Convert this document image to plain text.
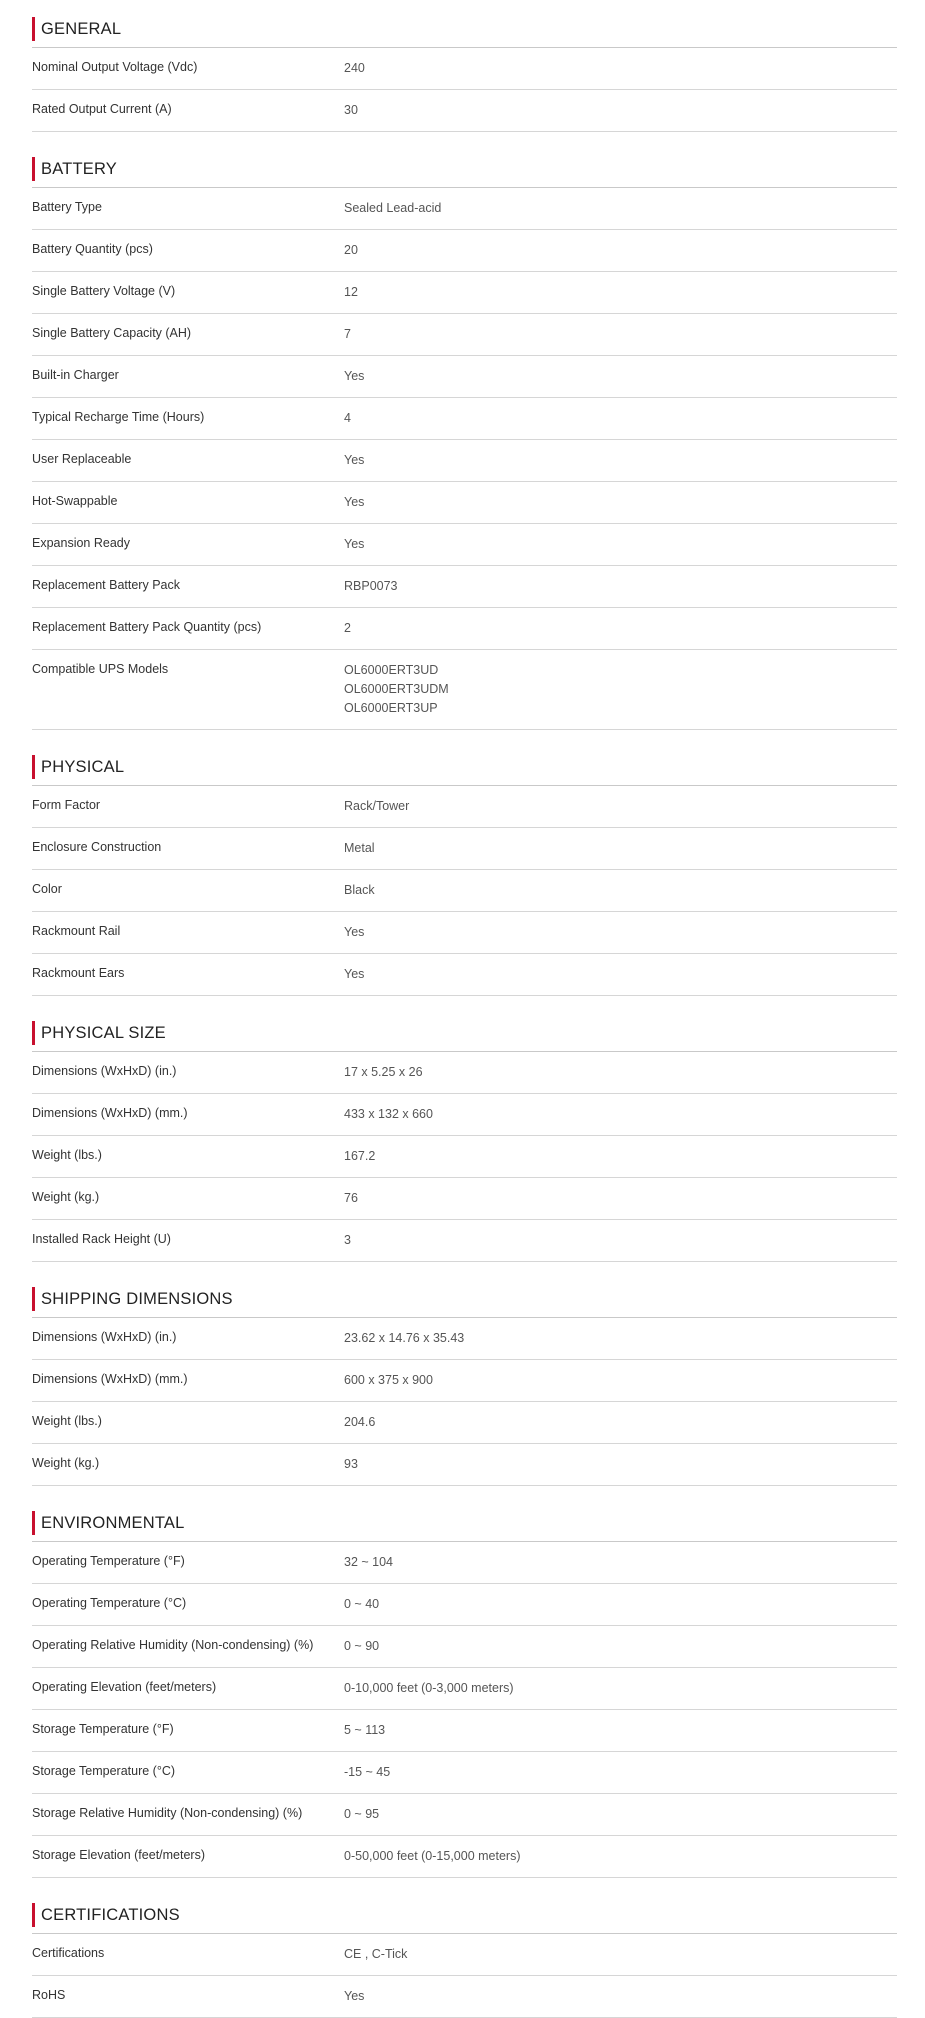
GENERAL
Nominal Output Voltage (Vdc)	240
Rated Output Current (A)	30
BATTERY
Battery Type	Sealed Lead-acid
Battery Quantity (pcs)	20
Single Battery Voltage (V)	12
Single Battery Capacity (AH)	7
Built-in Charger	Yes
Typical Recharge Time (Hours)	4
User Replaceable	Yes
Hot-Swappable	Yes
Expansion Ready	Yes
Replacement Battery Pack	RBP0073
Replacement Battery Pack Quantity (pcs)	2
Compatible UPS Models	OL6000ERT3UD
OL6000ERT3UDM
OL6000ERT3UP
PHYSICAL
Form Factor	Rack/Tower
Enclosure Construction	Metal
Color	Black
Rackmount Rail	Yes
Rackmount Ears	Yes
PHYSICAL SIZE
Dimensions (WxHxD) (in.)	17 x 5.25 x 26
Dimensions (WxHxD) (mm.)	433 x 132 x 660
Weight (lbs.)	167.2
Weight (kg.)	76
Installed Rack Height (U)	3
SHIPPING DIMENSIONS
Dimensions (WxHxD) (in.)	23.62 x 14.76 x 35.43
Dimensions (WxHxD) (mm.)	600 x 375 x 900
Weight (lbs.)	204.6
Weight (kg.)	93
ENVIRONMENTAL
Operating Temperature (°F)	32 ~ 104
Operating Temperature (°C)	0 ~ 40
Operating Relative Humidity (Non-condensing) (%)	0 ~ 90
Operating Elevation (feet/meters)	0-10,000 feet (0-3,000 meters)
Storage Temperature (°F)	5 ~ 113
Storage Temperature (°C)	-15 ~ 45
Storage Relative Humidity (Non-condensing) (%)	0 ~ 95
Storage Elevation (feet/meters)	0-50,000 feet (0-15,000 meters)
CERTIFICATIONS
Certifications	CE , C-Tick
RoHS	Yes
